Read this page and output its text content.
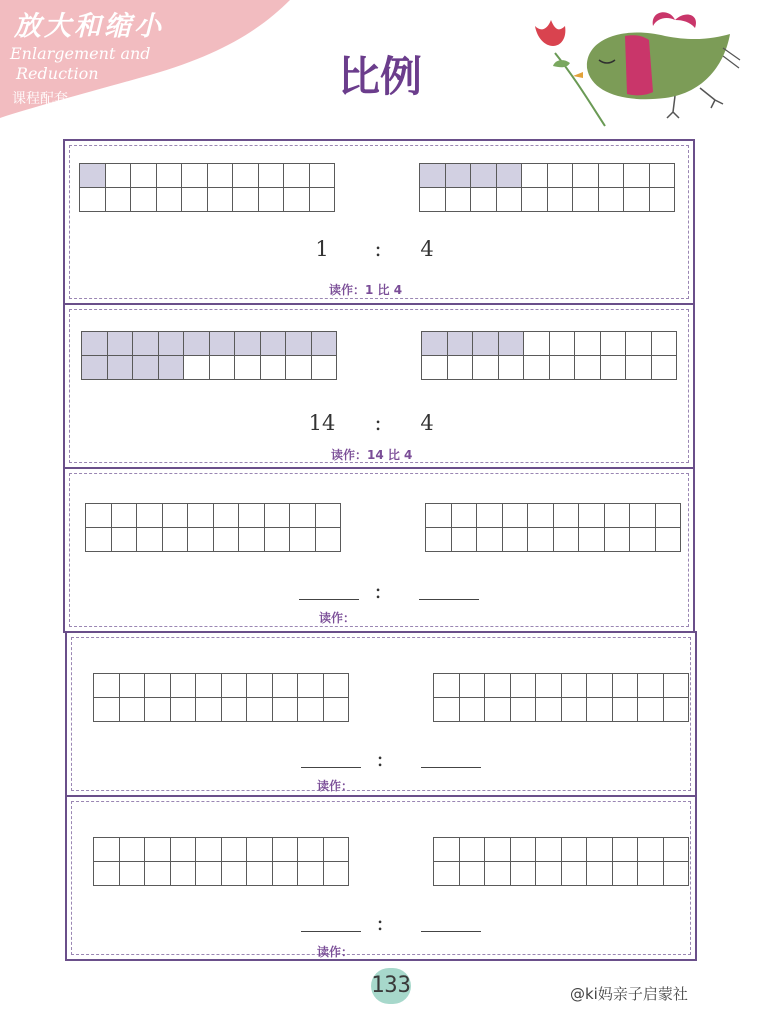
放大和缩小
Enlargement and
Reduction
课程配套	比例
:
1	4
读作：1 比 4
:
14	4
读作：14 比 4
:
读作：
:
读作：
:
读作：
133	@ki妈亲子启蒙社
